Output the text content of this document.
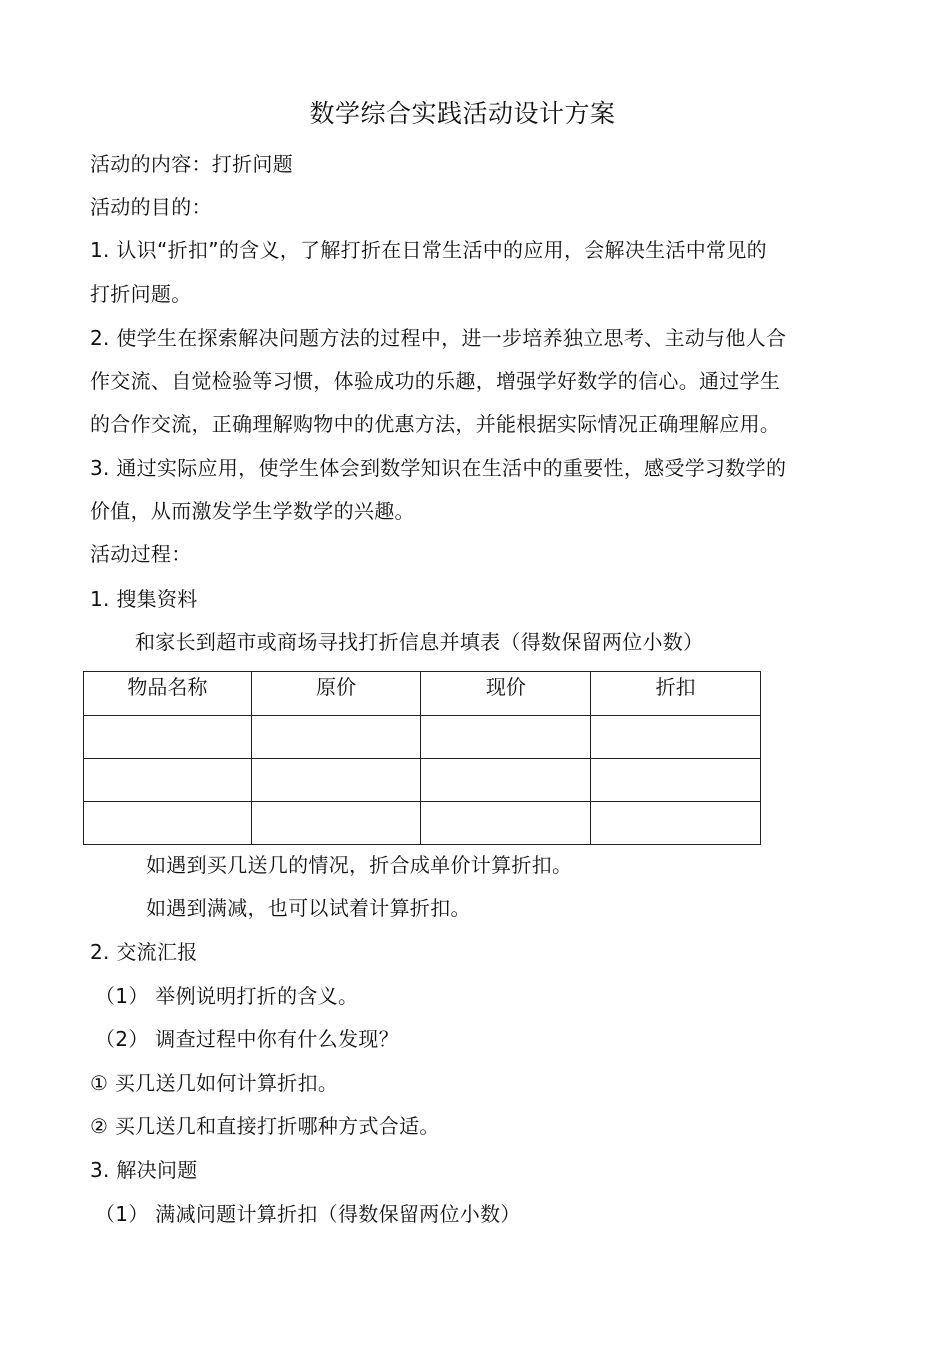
数学综合实践活动设计方案
活动的内容：打折问题
活动的目的：
1. 认识“折扣”的含义，了解打折在日常生活中的应用，会解决生活中常见的
打折问题。
2. 使学生在探索解决问题方法的过程中，进一步培养独立思考、主动与他人合
作交流、自觉检验等习惯，体验成功的乐趣，增强学好数学的信心。通过学生
的合作交流，正确理解购物中的优惠方法，并能根据实际情况正确理解应用。
3. 通过实际应用，使学生体会到数学知识在生活中的重要性，感受学习数学的
价值，从而激发学生学数学的兴趣。
活动过程：
1. 搜集资料
和家长到超市或商场寻找打折信息并填表（得数保留两位小数）
物品名称	原价	现价	折扣

如遇到买几送几的情况，折合成单价计算折扣。
如遇到满减，也可以试着计算折扣。
2. 交流汇报
（1） 举例说明打折的含义。
（2） 调查过程中你有什么发现？
① 买几送几如何计算折扣。
② 买几送几和直接打折哪种方式合适。
3. 解决问题
（1） 满减问题计算折扣（得数保留两位小数）
